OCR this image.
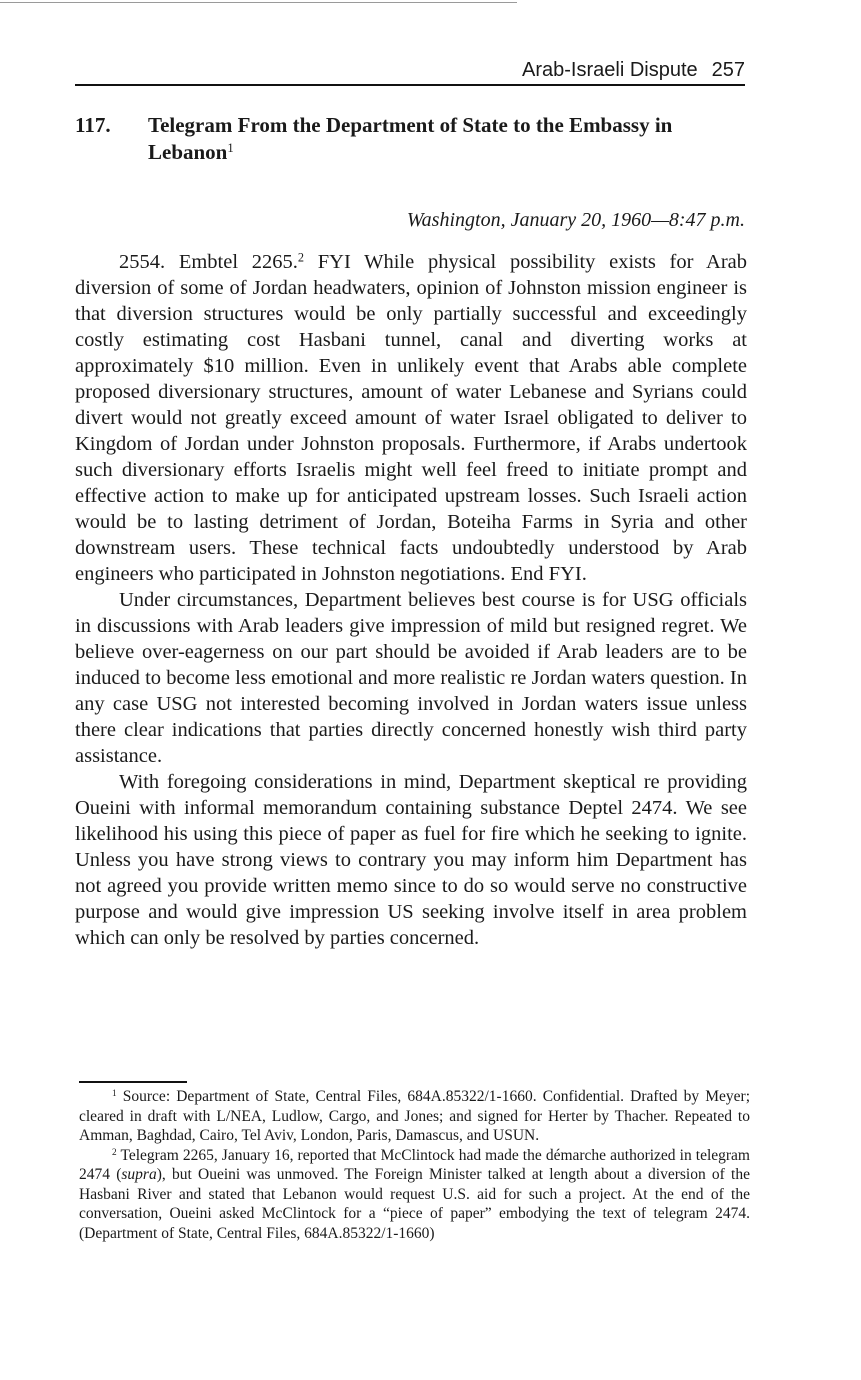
Arab-Israeli Dispute 257
117. Telegram From the Department of State to the Embassy in Lebanon$^1$
Washington, January 20, 1960—8:47 p.m.

2554. Embtel 2265.$^2$ FYI While physical possibility exists for Arab diversion of some of Jordan headwaters, opinion of Johnston mission engineer is that diversion structures would be only partially successful and exceedingly costly estimating cost Hasbani tunnel, canal and diverting works at approximately $10 million. Even in unlikely event that Arabs able complete proposed diversionary structures, amount of water Lebanese and Syrians could divert would not greatly exceed amount of water Israel obligated to deliver to Kingdom of Jordan under Johnston proposals. Furthermore, if Arabs undertook such diversionary efforts Israelis might well feel freed to initiate prompt and effective action to make up for anticipated upstream losses. Such Israeli action would be to lasting detriment of Jordan, Boteiha Farms in Syria and other downstream users. These technical facts undoubtedly understood by Arab engineers who participated in Johnston negotiations. End FYI.

Under circumstances, Department believes best course is for USG officials in discussions with Arab leaders give impression of mild but resigned regret. We believe over-eagerness on our part should be avoided if Arab leaders are to be induced to become less emotional and more realistic re Jordan waters question. In any case USG not interested becoming involved in Jordan waters issue unless there clear indications that parties directly concerned honestly wish third party assistance.

With foregoing considerations in mind, Department skeptical re providing Oueini with informal memorandum containing substance Deptel 2474. We see likelihood his using this piece of paper as fuel for fire which he seeking to ignite. Unless you have strong views to contrary you may inform him Department has not agreed you provide written memo since to do so would serve no constructive purpose and would give impression US seeking involve itself in area problem which can only be resolved by parties concerned.

$^1$ Source: Department of State, Central Files, 684A.85322/1-1660. Confidential. Drafted by Meyer; cleared in draft with L/NEA, Ludlow, Cargo, and Jones; and signed for Herter by Thacher. Repeated to Amman, Baghdad, Cairo, Tel Aviv, London, Paris, Damascus, and USUN.

$^2$ Telegram 2265, January 16, reported that McClintock had made the démarche authorized in telegram 2474 (supra), but Oueini was unmoved. The Foreign Minister talked at length about a diversion of the Hasbani River and stated that Lebanon would request U.S. aid for such a project. At the end of the conversation, Oueini asked McClintock for a “piece of paper” embodying the text of telegram 2474. (Department of State, Central Files, 684A.85322/1-1660)
